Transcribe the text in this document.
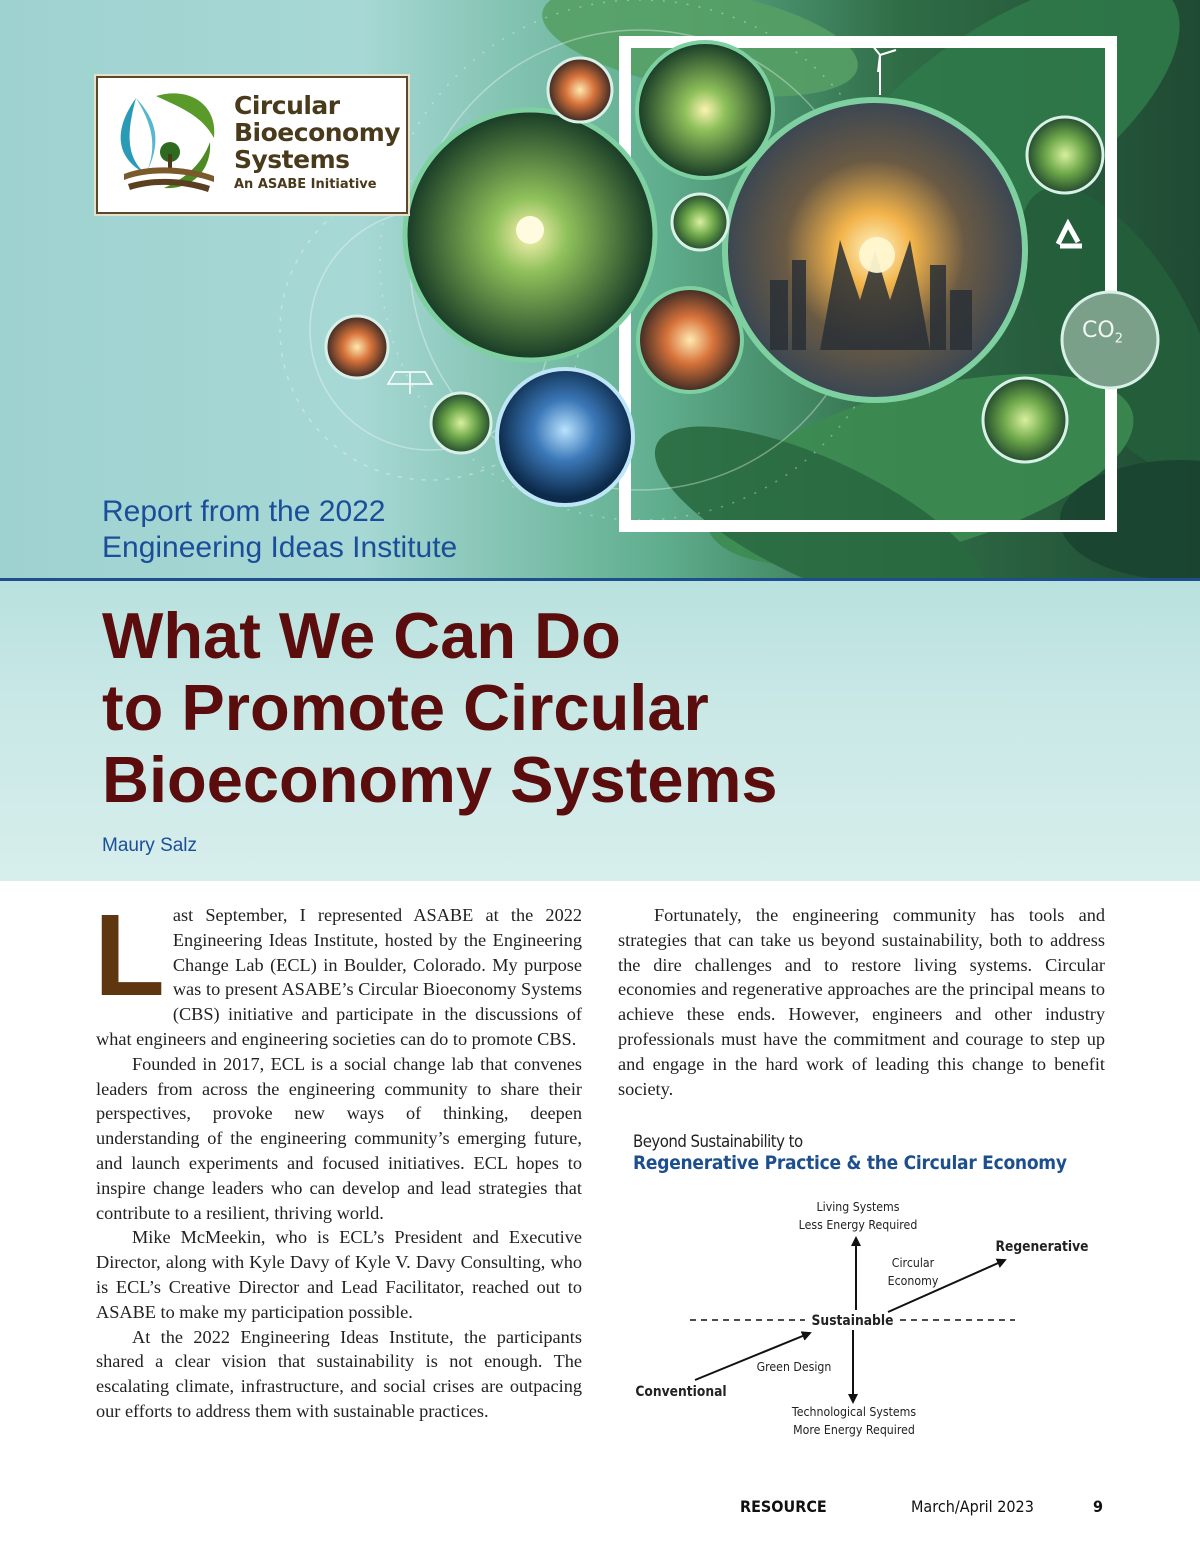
$CO_2$
Circular
Bioeconomy
Systems
An ASABE Initiative
Report from the 2022
Engineering Ideas Institute
What We Can Do
to Promote Circular
Bioeconomy Systems
Maury Salz

Last September, I represented ASABE at the 2022 Engineering Ideas Institute, hosted by the Engineering Change Lab (ECL) in Boulder, Colorado. My purpose was to present ASABE’s Circular Bioeconomy Systems (CBS) initiative and participate in the discussions of what engineers and engineering societies can do to promote CBS.

Founded in 2017, ECL is a social change lab that convenes leaders from across the engineering community to share their perspectives, provoke new ways of thinking, deepen understanding of the engineering community’s emerging future, and launch experiments and focused initiatives. ECL hopes to inspire change leaders who can develop and lead strategies that contribute to a resilient, thriving world.

Mike McMeekin, who is ECL’s President and Executive Director, along with Kyle Davy of Kyle V. Davy Consulting, who is ECL’s Creative Director and Lead Facilitator, reached out to ASABE to make my participation possible.

At the 2022 Engineering Ideas Institute, the participants shared a clear vision that sustainability is not enough. The escalating climate, infrastructure, and social crises are outpacing our efforts to address them with sustainable practices.

Fortunately, the engineering community has tools and strategies that can take us beyond sustainability, both to address the dire challenges and to restore living systems. Circular economies and regenerative approaches are the principal means to achieve these ends. However, engineers and other industry professionals must have the commitment and courage to step up and engage in the hard work of leading this change to benefit society.

Beyond Sustainability to
Regenerative Practice & the Circular Economy
Living Systems
Less Energy Required
Circular
Economy
Regenerative
Sustainable
Green Design
Conventional
Technological Systems
More Energy Required
RESOURCE	March/April 2023	9
